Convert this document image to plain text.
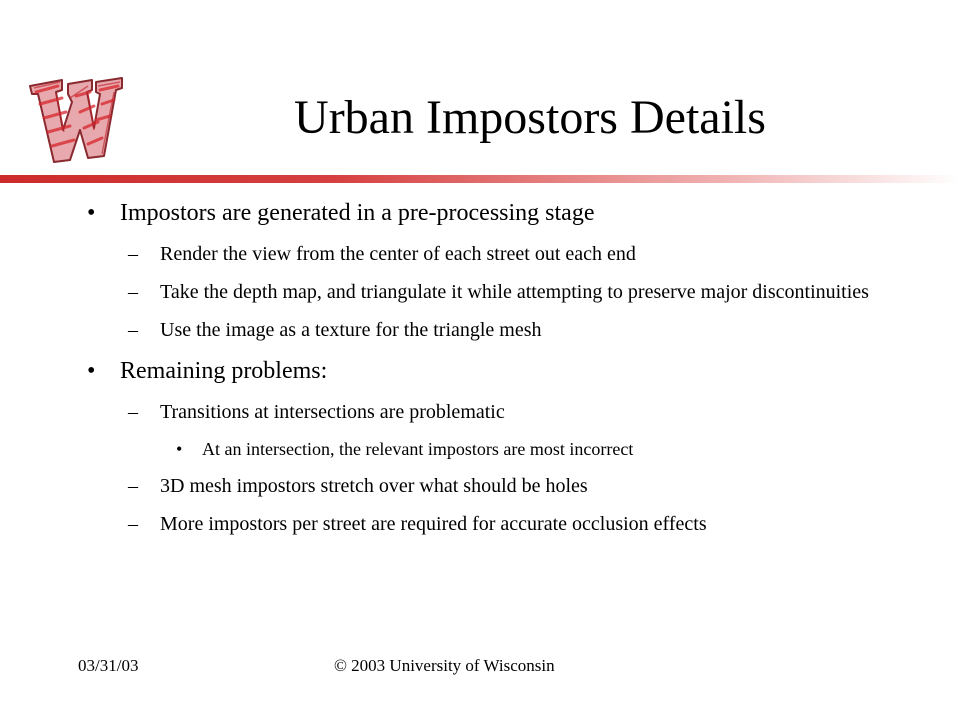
Urban Impostors Details
• Impostors are generated in a pre-processing stage
– Render the view from the center of each street out each end
– Take the depth map, and triangulate it while attempting to preserve major discontinuities
– Use the image as a texture for the triangle mesh
• Remaining problems:
– Transitions at intersections are problematic
• At an intersection, the relevant impostors are most incorrect
– 3D mesh impostors stretch over what should be holes
– More impostors per street are required for accurate occlusion effects
03/31/03	© 2003 University of Wisconsin
